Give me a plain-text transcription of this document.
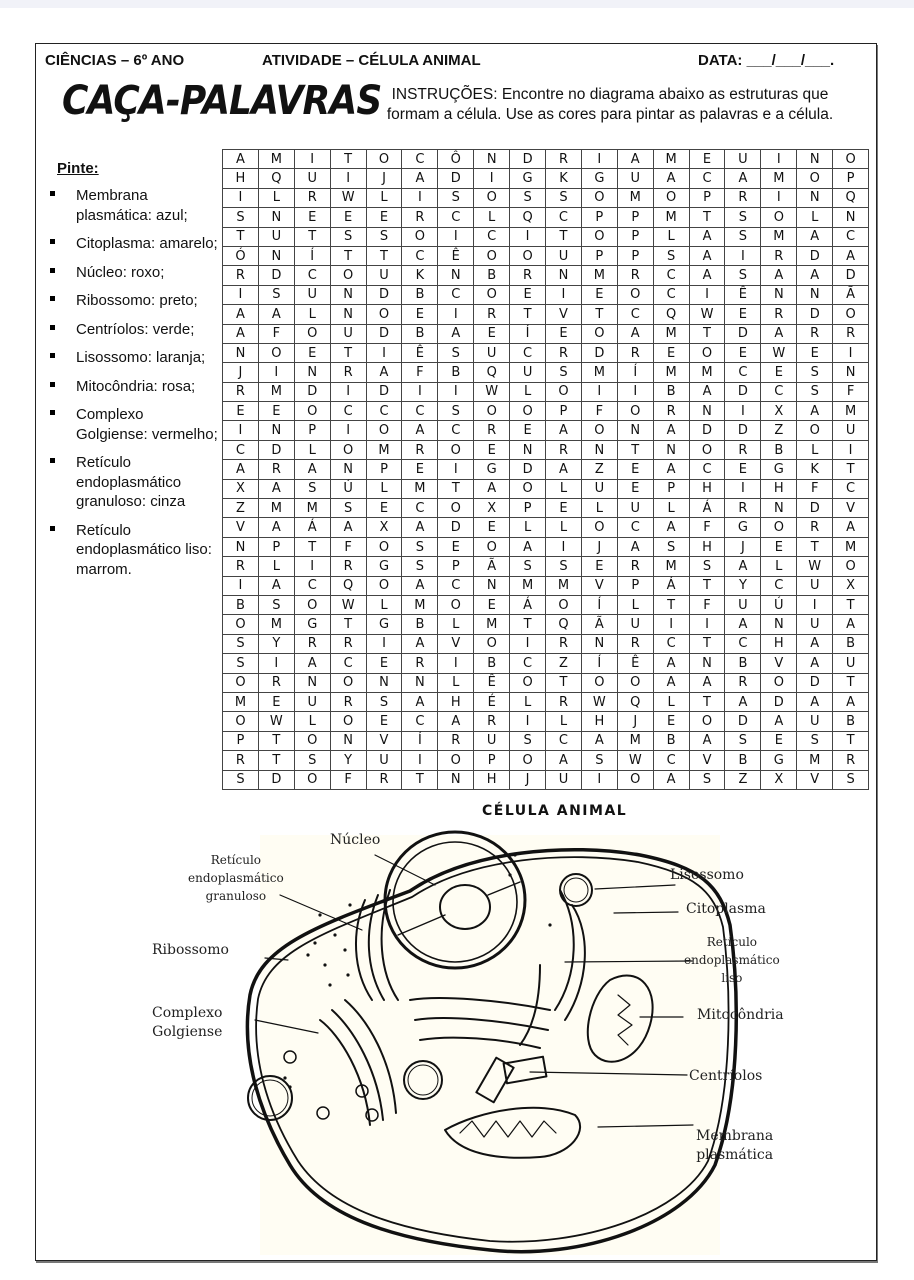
CIÊNCIAS – 6º ANO	ATIVIDADE – CÉLULA ANIMAL	DATA: ___/___/___.
CAÇA-PALAVRAS INSTRUÇÕES: Encontre no diagrama abaixo as estruturas que formam a célula. Use as cores para pintar as palavras e a célula.
Pinte:
Membrana plasmática: azul;
Citoplasma: amarelo;
Núcleo: roxo;
Ribossomo: preto;
Centríolos: verde;
Lisossomo: laranja;
Mitocôndria: rosa;
Complexo Golgiense: vermelho;
Retículo endoplasmático granuloso: cinza
Retículo endoplasmático liso: marrom.
A	M	I	T	O	C	Ô	N	D	R	I	A	M	E	U	I	N	O
H	Q	U	I	J	A	D	I	G	K	G	U	A	C	A	M	O	P
I	L	R	W	L	I	S	O	S	S	O	M	O	P	R	I	N	Q
S	N	E	E	E	R	C	L	Q	C	P	P	M	T	S	O	L	N
T	U	T	S	S	O	I	C	I	T	O	P	L	A	S	M	A	C
Ó	N	Í	T	T	C	Ê	O	O	U	P	P	S	A	I	R	D	A
R	D	C	O	U	K	N	B	R	N	M	R	C	A	S	A	A	D
I	S	U	N	D	B	C	O	E	I	E	O	C	I	Ê	N	N	Ã
A	A	L	N	O	E	I	R	T	V	T	C	Q	W	E	R	D	O
A	F	O	U	D	B	A	E	Í	E	O	A	M	T	D	A	R	R
N	O	E	T	I	Ê	S	U	C	R	D	R	E	O	E	W	E	I
J	I	N	R	A	F	B	Q	U	S	M	Í	M	M	C	E	S	N
R	M	D	I	D	I	I	W	L	O	I	I	B	A	D	C	S	F
E	E	O	C	C	C	S	O	O	P	F	O	R	N	I	X	A	M
I	N	P	I	O	A	C	R	E	A	O	N	A	D	D	Z	O	U
C	D	L	O	M	R	O	E	N	R	N	T	N	O	R	B	L	I
A	R	A	N	P	E	I	G	D	A	Z	E	A	C	E	G	K	T
X	A	S	Ú	L	M	T	A	O	L	U	E	P	H	I	H	F	C
Z	M	M	S	E	C	O	X	P	E	L	U	L	Á	R	N	D	V
V	A	Á	A	X	A	D	E	L	L	O	C	A	F	G	O	R	A
N	P	T	F	O	S	E	O	A	I	J	A	S	H	J	E	T	M
R	L	I	R	G	S	P	Ã	S	S	E	R	M	S	A	L	W	O
I	A	C	Q	O	A	C	N	M	M	V	P	Á	T	Y	C	U	X
B	S	O	W	L	M	O	E	Á	O	Í	L	T	F	U	Ú	I	T
O	M	G	T	G	B	L	M	T	Q	Ã	U	I	I	A	N	U	A
S	Y	R	R	I	A	V	O	I	R	N	R	C	T	C	H	A	B
S	I	A	C	E	R	I	B	C	Z	Í	Ê	A	N	B	V	A	U
O	R	N	O	N	N	L	Ê	O	T	O	O	A	A	R	O	D	T
M	E	U	R	S	A	H	É	L	R	W	Q	L	T	A	D	A	A
O	W	L	O	E	C	A	R	I	L	H	J	E	O	D	A	U	B
P	T	O	N	V	Í	R	U	S	C	A	M	B	A	S	E	S	T
R	T	S	Y	U	I	O	P	O	A	S	W	C	V	B	G	M	R
S	D	O	F	R	T	N	H	J	U	I	O	A	S	Z	X	V	S
CÉLULA ANIMAL
Núcleo
Retículo
endoplasmático
granuloso
Ribossomo
Complexo
Golgiense
Lisossomo
Citoplasma
Retículo
endoplasmático
liso
Mitocôndria
Centríolos
Membrana
plasmática
